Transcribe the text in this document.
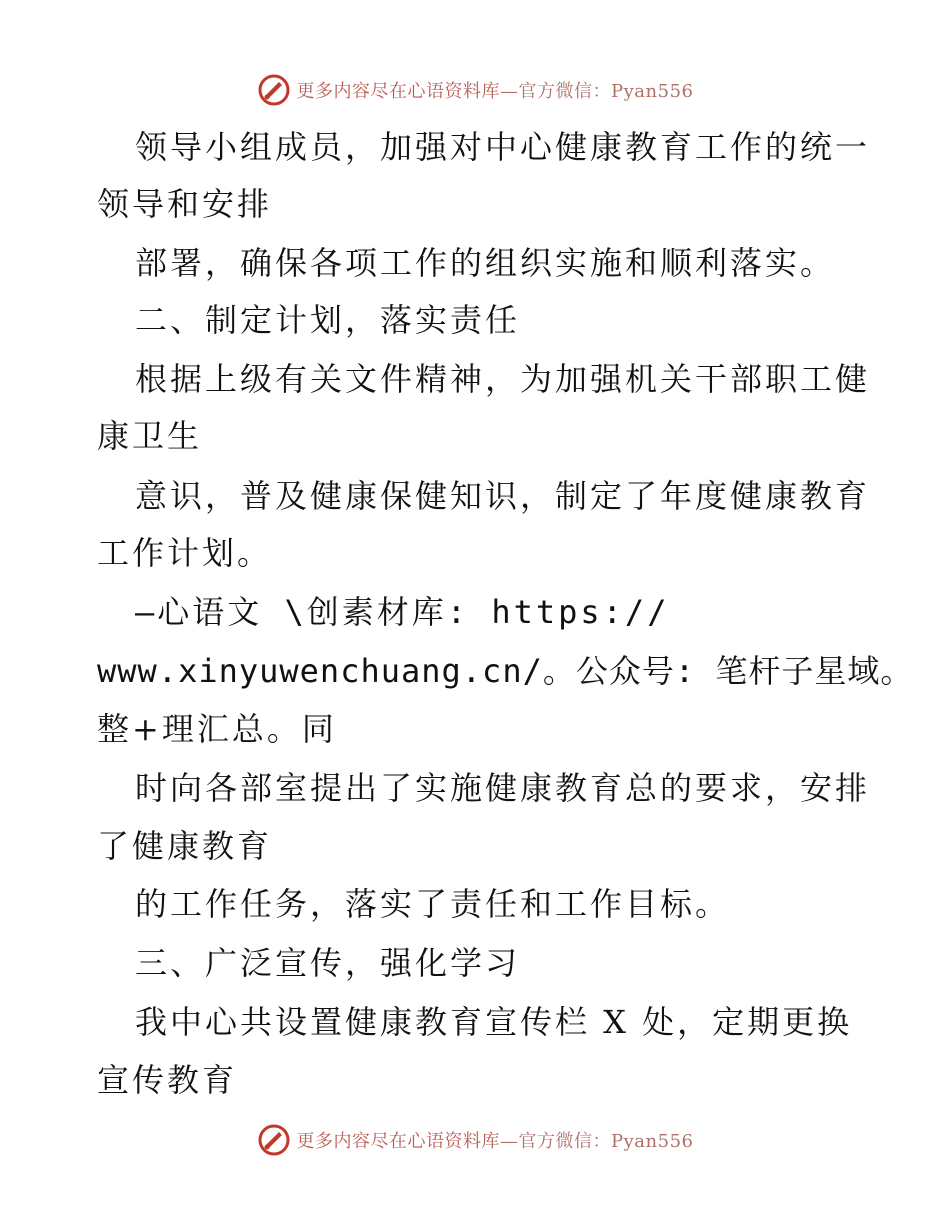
更多内容尽在心语资料库—官方微信：Pyan556
领导小组成员，加强对中心健康教育工作的统一
领导和安排
部署，确保各项工作的组织实施和顺利落实。
二、制定计划，落实责任
根据上级有关文件精神，为加强机关干部职工健
康卫生
意识，普及健康保健知识，制定了年度健康教育
工作计划。
—心语文 \创素材库: https://
www.xinyuwenchuang.cn/。公众号: 笔杆子星域。
整+理汇总。同
时向各部室提出了实施健康教育总的要求，安排
了健康教育
的工作任务，落实了责任和工作目标。
三、广泛宣传，强化学习
我中心共设置健康教育宣传栏 X 处，定期更换
宣传教育
更多内容尽在心语资料库—官方微信：Pyan556
